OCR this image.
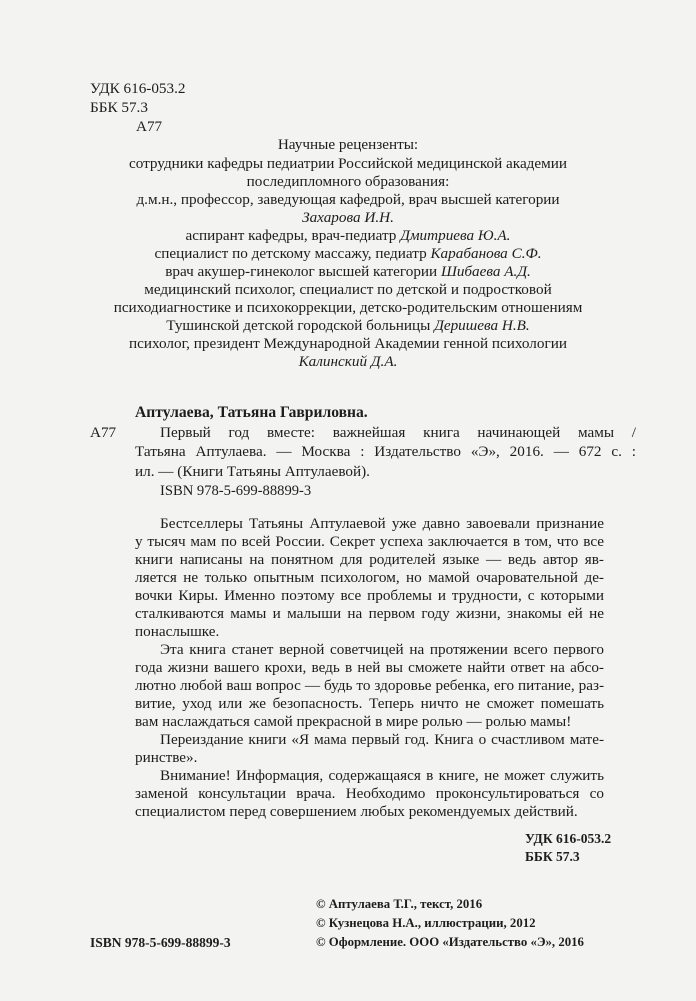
УДК 616-053.2
ББК 57.3
А77
Научные рецензенты:
сотрудники кафедры педиатрии Российской медицинской академии
последипломного образования:
д.м.н., профессор, заведующая кафедрой, врач высшей категории
Захарова И.Н.
аспирант кафедры, врач-педиатр Дмитриева Ю.А.
специалист по детскому массажу, педиатр Карабанова С.Ф.
врач акушер-гинеколог высшей категории Шибаева А.Д.
медицинский психолог, специалист по детской и подростковой
психодиагностике и психокоррекции, детско-родительским отношениям
Тушинской детской городской больницы Деришева Н.В.
психолог, президент Международной Академии генной психологии
Калинский Д.А.
Аптулаева, Татьяна Гавриловна.
А77	Первый год вместе: важнейшая книга начинающей мамы /
Татьяна Аптулаева. — Москва : Издательство «Э», 2016. — 672 с. :
ил. — (Книги Татьяны Аптулаевой).
ISBN 978-5-699-88899-3
Бестселлеры Татьяны Аптулаевой уже давно завоевали признание
у тысяч мам по всей России. Секрет успеха заключается в том, что все
книги написаны на понятном для родителей языке — ведь автор яв-
ляется не только опытным психологом, но мамой очаровательной де-
вочки Киры. Именно поэтому все проблемы и трудности, с которыми
сталкиваются мамы и малыши на первом году жизни, знакомы ей не
понаслышке.
Эта книга станет верной советчицей на протяжении всего первого
года жизни вашего крохи, ведь в ней вы сможете найти ответ на абсо-
лютно любой ваш вопрос — будь то здоровье ребенка, его питание, раз-
витие, уход или же безопасность. Теперь ничто не сможет помешать
вам наслаждаться самой прекрасной в мире ролью — ролью мамы!
Переиздание книги «Я мама первый год. Книга о счастливом мате-
ринстве».
Внимание! Информация, содержащаяся в книге, не может служить
заменой консультации врача. Необходимо проконсультироваться со
специалистом перед совершением любых рекомендуемых действий.
УДК 616-053.2
ББК 57.3
© Аптулаева Т.Г., текст, 2016
© Кузнецова Н.А., иллюстрации, 2012
© Оформление. ООО «Издательство «Э», 2016
ISBN 978-5-699-88899-3
